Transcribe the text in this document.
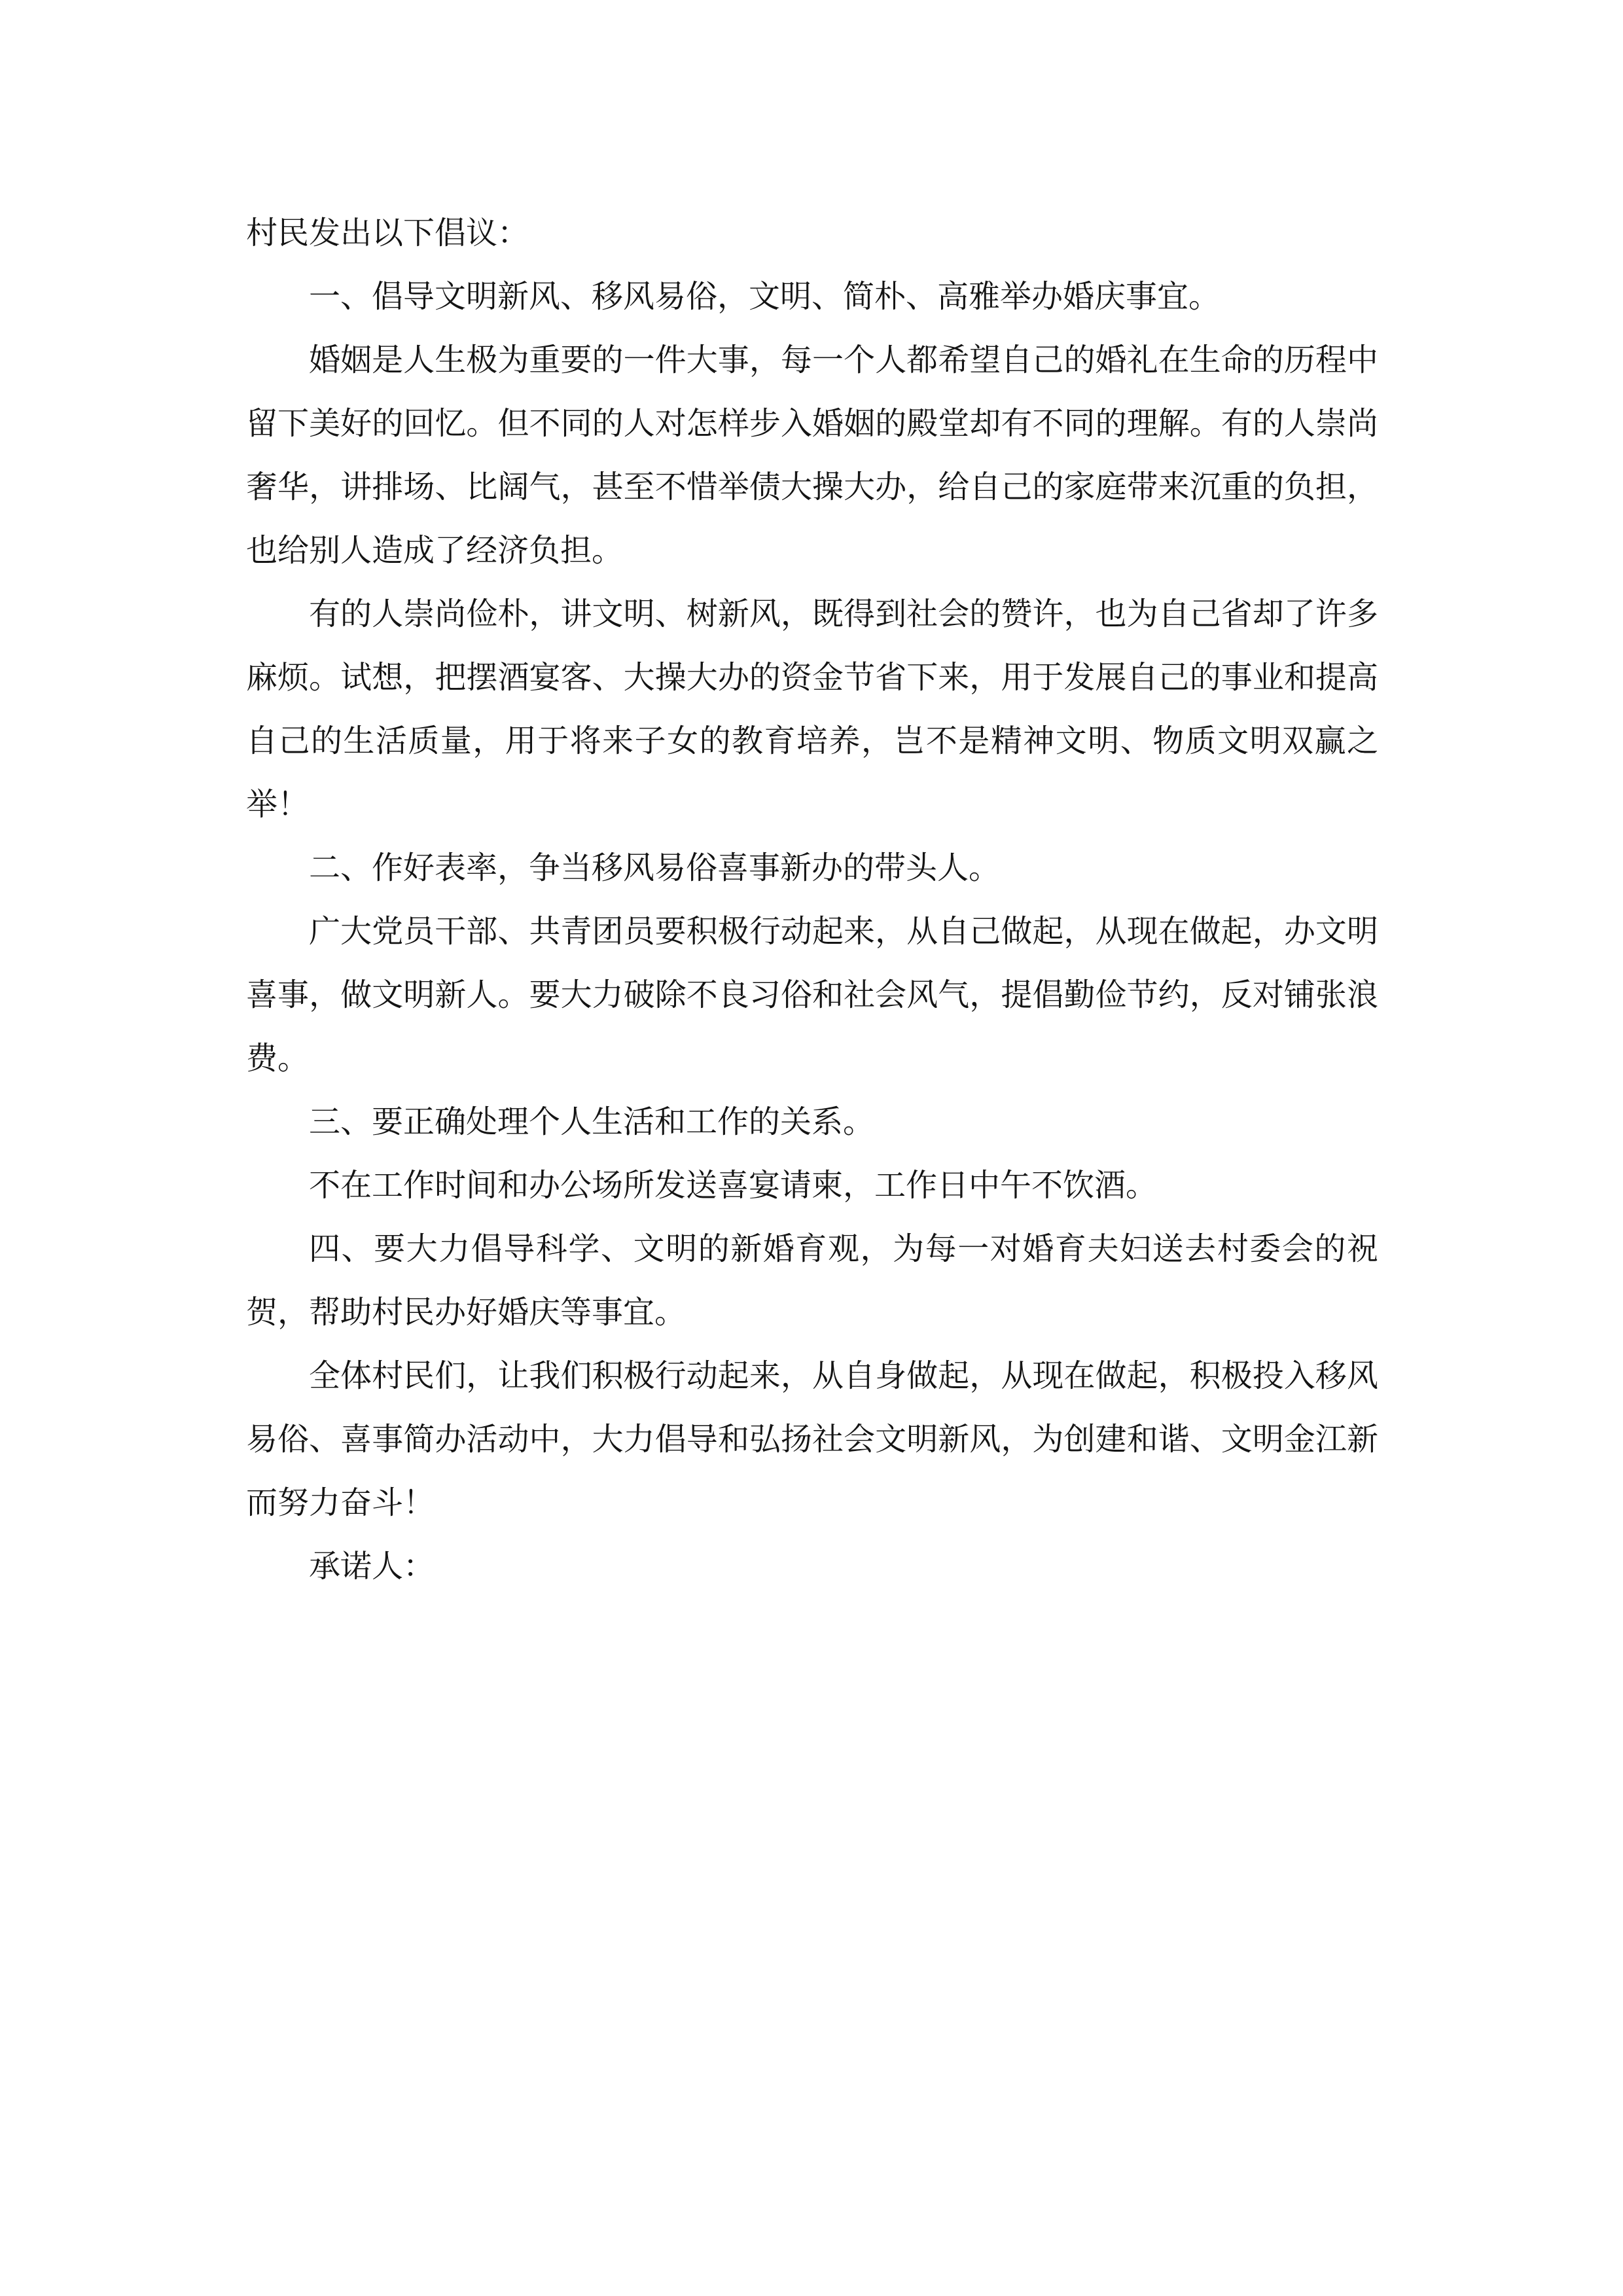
村民发出以下倡议：

一、倡导文明新风、移风易俗，文明、简朴、高雅举办婚庆事宜。

婚姻是人生极为重要的一件大事，每一个人都希望自己的婚礼在生命的历程中留下美好的回忆。但不同的人对怎样步入婚姻的殿堂却有不同的理解。有的人崇尚奢华，讲排场、比阔气，甚至不惜举债大操大办，给自己的家庭带来沉重的负担，也给别人造成了经济负担。

有的人崇尚俭朴，讲文明、树新风，既得到社会的赞许，也为自己省却了许多麻烦。试想，把摆酒宴客、大操大办的资金节省下来，用于发展自己的事业和提高自己的生活质量，用于将来子女的教育培养，岂不是精神文明、物质文明双赢之举！

二、作好表率，争当移风易俗喜事新办的带头人。

广大党员干部、共青团员要积极行动起来，从自己做起，从现在做起，办文明喜事，做文明新人。要大力破除不良习俗和社会风气，提倡勤俭节约，反对铺张浪费。

三、要正确处理个人生活和工作的关系。

不在工作时间和办公场所发送喜宴请柬，工作日中午不饮酒。

四、要大力倡导科学、文明的新婚育观，为每一对婚育夫妇送去村委会的祝贺，帮助村民办好婚庆等事宜。

全体村民们，让我们积极行动起来，从自身做起，从现在做起，积极投入移风易俗、喜事简办活动中，大力倡导和弘扬社会文明新风，为创建和谐、文明金江新而努力奋斗！

承诺人：
